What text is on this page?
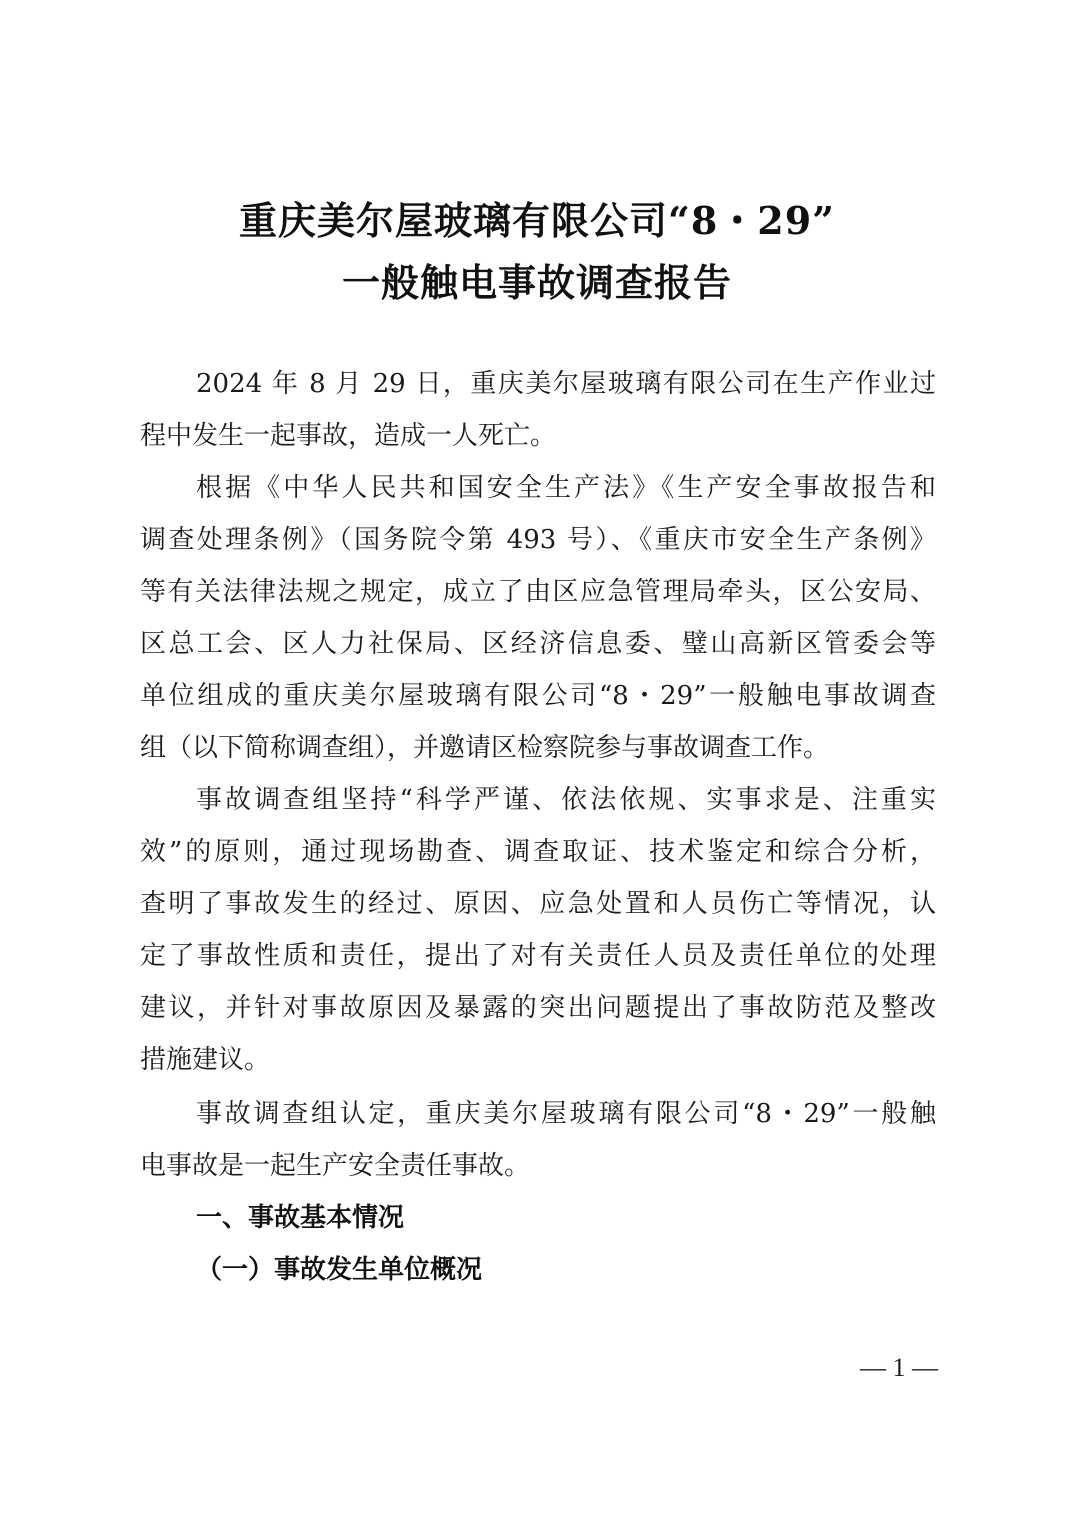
重庆美尔屋玻璃有限公司“8・29”
一般触电事故调查报告
2024 年 8 月 29 日，重庆美尔屋玻璃有限公司在生产作业过
程中发生一起事故，造成一人死亡。
根据《中华人民共和国安全生产法》《生产安全事故报告和
调查处理条例》（国务院令第 493 号）、《重庆市安全生产条例》
等有关法律法规之规定，成立了由区应急管理局牵头，区公安局、
区总工会、区人力社保局、区经济信息委、璧山高新区管委会等
单位组成的重庆美尔屋玻璃有限公司“8・29”一般触电事故调查
组（以下简称调查组），并邀请区检察院参与事故调查工作。
事故调查组坚持“科学严谨、依法依规、实事求是、注重实
效”的原则，通过现场勘查、调查取证、技术鉴定和综合分析，
查明了事故发生的经过、原因、应急处置和人员伤亡等情况，认
定了事故性质和责任，提出了对有关责任人员及责任单位的处理
建议，并针对事故原因及暴露的突出问题提出了事故防范及整改
措施建议。
事故调查组认定，重庆美尔屋玻璃有限公司“8・29”一般触
电事故是一起生产安全责任事故。
一、事故基本情况
（一）事故发生单位概况
— 1 —
